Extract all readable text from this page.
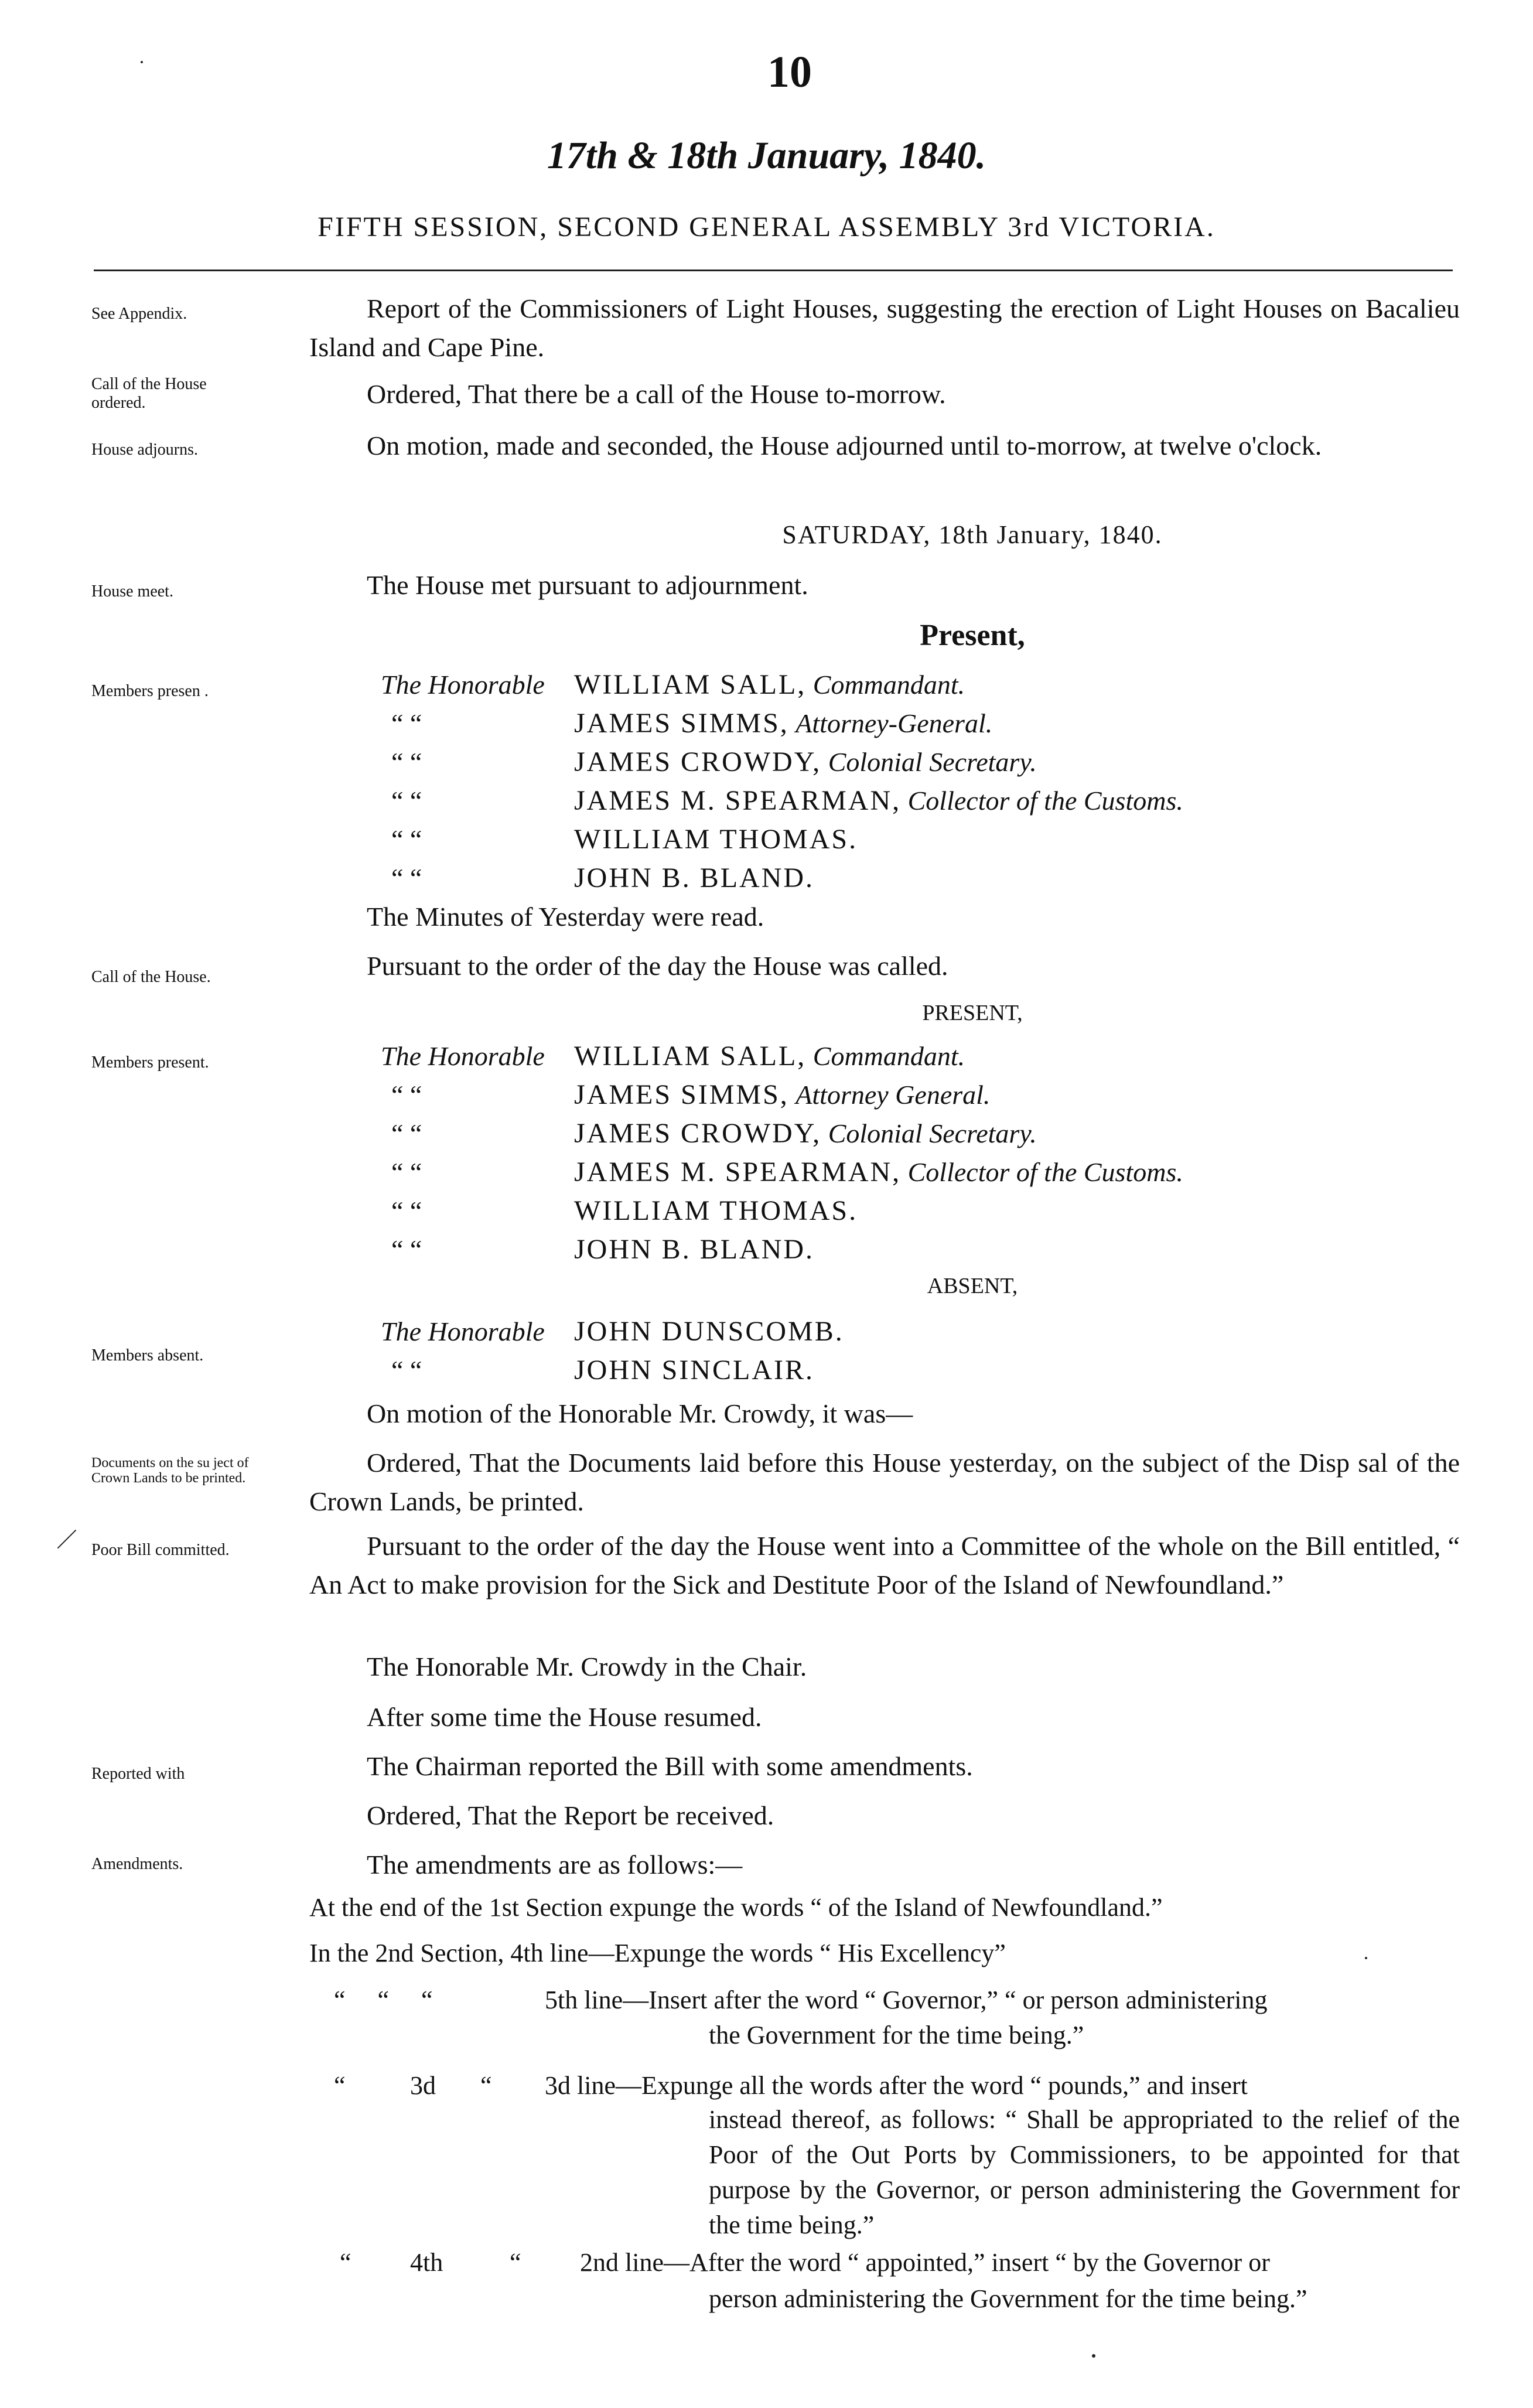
10
17th & 18th January, 1840.
FIFTH SESSION, SECOND GENERAL ASSEMBLY 3rd VICTORIA.
See Appendix.
Call of the House ordered.
House adjourns.
House meet.
Members presen .
Call of the House.
Members present.
Members absent.
Documents on the su ject of Crown Lands to be printed.
Poor Bill committed.
Reported with
Amendments.
Report of the Commissioners of Light Houses, suggesting the erection of Light Houses on Bacalieu Island and Cape Pine.
Ordered, That there be a call of the House to-morrow.
On motion, made and seconded, the House adjourned until to-morrow, at twelve o'clock.
SATURDAY, 18th January, 1840.
The House met pursuant to adjournment.
Present,
The Honorable WILLIAM SALL, Commandant.
“ “	JAMES SIMMS, Attorney-General.
“ “	JAMES CROWDY, Colonial Secretary.
“ “	JAMES M. SPEARMAN, Collector of the Customs.
“ “	WILLIAM THOMAS.
“ “	JOHN B. BLAND.
The Minutes of Yesterday were read.
Pursuant to the order of the day the House was called.
PRESENT,
The Honorable WILLIAM SALL, Commandant.
“ “	JAMES SIMMS, Attorney General.
“ “	JAMES CROWDY, Colonial Secretary.
“ “	JAMES M. SPEARMAN, Collector of the Customs.
“ “	WILLIAM THOMAS.
“ “	JOHN B. BLAND.
ABSENT,
The Honorable JOHN DUNSCOMB.
“ “	JOHN SINCLAIR.
On motion of the Honorable Mr. Crowdy, it was—
Ordered, That the Documents laid before this House yesterday, on the subject of the Disp sal of the Crown Lands, be printed.
Pursuant to the order of the day the House went into a Committee of the whole on the Bill entitled, “ An Act to make provision for the Sick and Destitute Poor of the Island of Newfoundland.”
The Honorable Mr. Crowdy in the Chair.
After some time the House resumed.
The Chairman reported the Bill with some amendments.
Ordered, That the Report be received.
The amendments are as follows:—
At the end of the 1st Section expunge the words “ of the Island of Newfoundland.”
In the 2nd Section, 4th line—Expunge the words “ His Excellency”
“     “     “	5th line—Insert after the word “ Governor,” “ or person administering
the Government for the time being.”
“	3d “ 3d line—Expunge all the words after the word “ pounds,” and insert
instead thereof, as follows: “ Shall be appropriated to the relief of the Poor of the Out Ports by Commissioners, to be appointed for that purpose by the Governor, or person administering the Government for the time being.”
“ 4th	“ 2nd line—After the word “ appointed,” insert “ by the Governor or
person administering the Government for the time being.”
